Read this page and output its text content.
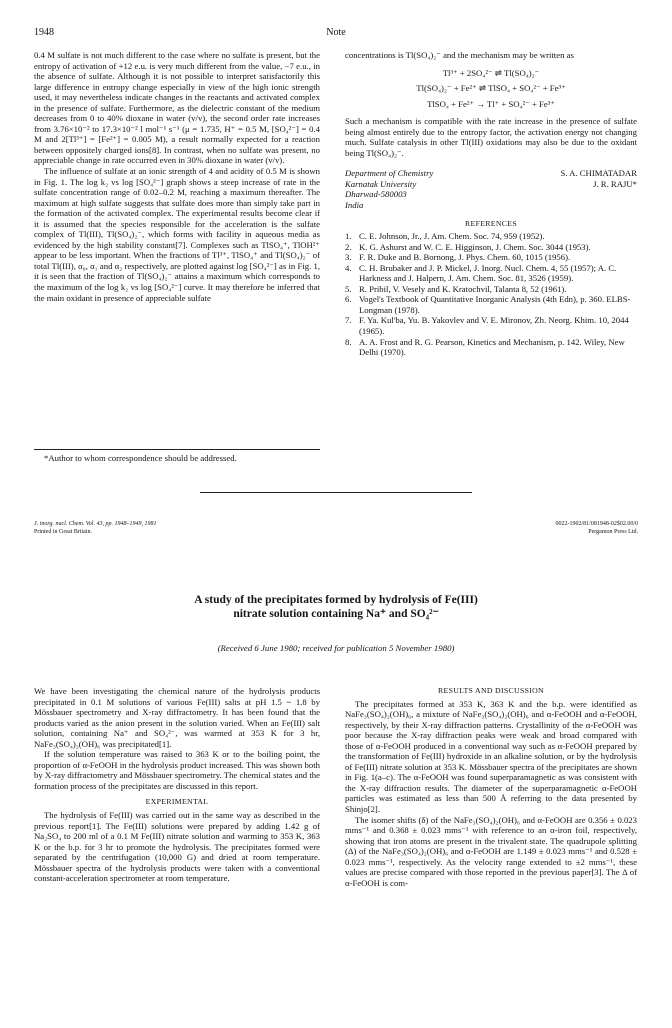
1948	Note

0.4 M sulfate is not much different to the case where no sulfate is present, but the entropy of activation of +12 e.u. is very much different from the value, −7 e.u., in the absence of sulfate. Although it is not possible to interpret satisfactorily this large difference in entropy change especially in view of the high ionic strength used, it may nevertheless indicate changes in the reactants and activated complex in the presence of sulfate. Furthermore, as the dielectric constant of the medium decreases from 0 to 40% dioxane in water (v/v), the second order rate increases from 3.76×10⁻² to 17.3×10⁻² l mol⁻¹ s⁻¹ (μ = 1.735, H⁺ = 0.5 M, [SO₄²⁻] = 0.4 M and 2[Tl³⁺] = [Fe²⁺] = 0.005 M), a result normally expected for a reaction between oppositely charged ions[8]. In contrast, when no sulfate was present, no appreciable change in rate occurred even in 30% dioxane in water (v/v).

The influence of sulfate at an ionic strength of 4 and acidity of 0.5 M is shown in Fig. 1. The log k₂ vs log [SO₄²⁻] graph shows a steep increase of rate in the sulfate concentration range of 0.02–0.2 M, reaching a maximum thereafter. The maximum at high sulfate suggests that sulfate does more than simply take part in the formation of the activated complex. The experimental results become clear if it is assumed that the species responsible for the acceleration is the sulfate complex of Tl(III), Tl(SO₄)₂⁻, which forms with facility in aqueous media as evidenced by the high stability constant[7]. Complexes such as TlSO₄⁺, TlOH²⁺ appear to be less important. When the fractions of Tl³⁺, TlSO₄⁺ and Tl(SO₄)₂⁻ of total Tl(III), α₀, α₁ and α₂ respectively, are plotted against log [SO₄²⁻] as in Fig. 1, it is seen that the fraction of Tl(SO₄)₂⁻ attains a maximum which corresponds to the maximum of the log k₂ vs log [SO₄²⁻] curve. It may therefore be inferred that the main oxidant in presence of appreciable sulfate

*Author to whom correspondence should be addressed.

concentrations is Tl(SO₄)₂⁻ and the mechanism may be written as

Tl³⁺ + 2SO₄²⁻ ⇌ Tl(SO₄)₂⁻

Tl(SO₄)₂⁻ + Fe²⁺ ⇌ TlSO₄ + SO₄²⁻ + Fe³⁺

TlSO₄ + Fe²⁺ → Tl⁺ + SO₄²⁻ + Fe³⁺

Such a mechanism is compatible with the rate increase in the presence of sulfate being almost entirely due to the entropy factor, the activation energy not changing much. Sulfate catalysis in other Tl(III) oxidations may also be due to the oxidant being Tl(SO₄)₂⁻.

Department of Chemistry	S. A. CHIMATADAR
Karnatak University	J. R. RAJU*
Dharwad-580003
India
REFERENCES
1. C. E. Johnson, Jr., J. Am. Chem. Soc. 74, 959 (1952).
2. K. G. Ashurst and W. C. E. Higginson, J. Chem. Soc. 3044 (1953).
3. F. R. Duke and B. Bornong, J. Phys. Chem. 60, 1015 (1956).
4. C. H. Brubaker and J. P. Mickel, J. Inorg. Nucl. Chem. 4, 55 (1957); A. C. Harkness and J. Halpern, J. Am. Chem. Soc. 81, 3526 (1959).
5. R. Pribil, V. Vesely and K. Kratochvil, Talanta 8, 52 (1961).
6. Vogel's Textbook of Quantitative Inorganic Analysis (4th Edn), p. 360. ELBS-Longman (1978).
7. F. Ya. Kul'ba, Yu. B. Yakovlev and V. E. Mironov, Zh. Neorg. Khim. 10, 2044 (1965).
8. A. A. Frost and R. G. Pearson, Kinetics and Mechanism, p. 142. Wiley, New Delhi (1970).
J. inorg. nucl. Chem. Vol. 43, pp. 1948–1949, 1981
Printed in Great Britain.
0022-1902/81/081948-02$02.00/0
Pergamon Press Ltd.
A study of the precipitates formed by hydrolysis of Fe(III)
nitrate solution containing Na⁺ and SO₄²⁻
(Received 6 June 1980; received for publication 5 November 1980)

We have been investigating the chemical nature of the hydrolysis products precipitated in 0.1 M solutions of various Fe(III) salts at pH 1.5 ~ 1.8 by Mössbauer spectrometry and X-ray diffractometry. It has been found that the products varied as the anion present in the solution varied. When an Fe(III) salt solution, containing Na⁺ and SO₄²⁻, was warmed at 353 K for 3 hr, NaFe₃(SO₄)₂(OH)₆ was precipitated[1].

If the solution temperature was raised to 363 K or to the boiling point, the proportion of α-FeOOH in the hydrolysis product increased. This was shown both by X-ray diffractometry and Mössbauer spectrometry. The chemical states and the formation process of the precipitates are discussed in this report.

EXPERIMENTAL

The hydrolysis of Fe(III) was carried out in the same way as described in the previous report[1]. The Fe(III) solutions were prepared by adding 1.42 g of Na₂SO₄ to 200 ml of a 0.1 M Fe(III) nitrate solution and warming to 353 K, 363 K or the b.p. for 3 hr to promote the hydrolysis. The precipitates formed were separated by the centrifugation (10,000 G) and dried at room temperature. Mössbauer spectra of the hydrolysis products were taken with a conventional constant-acceleration spectrometer at room temperature.

RESULTS AND DISCUSSION

The precipitates formed at 353 K, 363 K and the b.p. were identified as NaFe₃(SO₄)₂(OH)₆, a mixture of NaFe₃(SO₄)₂(OH)₆ and α-FeOOH and α-FeOOH, respectively, by their X-ray diffraction patterns. Crystallinity of the α-FeOOH was poor because the X-ray diffraction peaks were weak and broad compared with those of α-FeOOH produced in a conventional way such as α-FeOOH prepared by the transformation of Fe(III) hydroxide in an alkaline solution, or by the hydrolysis of Fe(III) nitrate solution at 353 K. Mössbauer spectra of the precipitates are shown in Fig. 1(a–c). The α-FeOOH was found superparamagnetic as was consistent with the X-ray diffraction results. The diameter of the superparamagnetic α-FeOOH particles was estimated as less than 500 Å referring to the data presented by Shinjo[2].

The isomer shifts (δ) of the NaFe₃(SO₄)₂(OH)₆ and α-FeOOH are 0.356 ± 0.023 mms⁻¹ and 0.368 ± 0.023 mms⁻¹ with reference to an α-iron foil, respectively, showing that iron atoms are present in the trivalent state. The quadrupole splitting (Δ) of the NaFe₃(SO₄)₂(OH)₆ and α-FeOOH are 1.149 ± 0.023 mms⁻¹ and 0.528 ± 0.023 mms⁻¹, respectively. As the velocity range extended to ±2 mms⁻¹, these values are precise compared with those reported in the previous paper[3]. The Δ of α-FeOOH is com-
